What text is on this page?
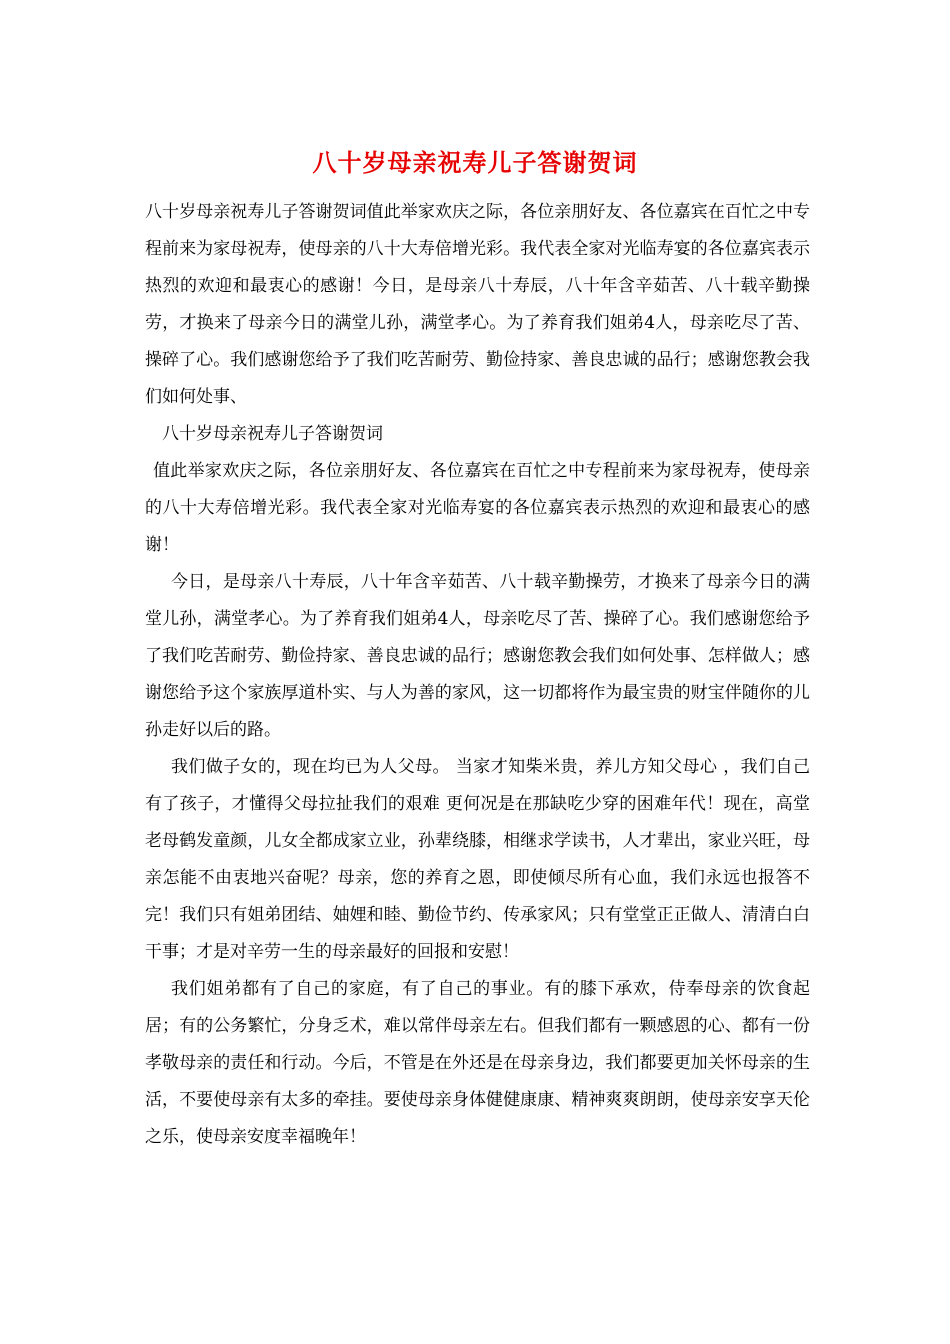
八十岁母亲祝寿儿子答谢贺词

八十岁母亲祝寿儿子答谢贺词值此举家欢庆之际，各位亲朋好友、各位嘉宾在百忙之中专程前来为家母祝寿，使母亲的八十大寿倍增光彩。我代表全家对光临寿宴的各位嘉宾表示热烈的欢迎和最衷心的感谢！今日，是母亲八十寿辰，八十年含辛茹苦、八十载辛勤操劳，才换来了母亲今日的满堂儿孙，满堂孝心。为了养育我们姐弟4人，母亲吃尽了苦、操碎了心。我们感谢您给予了我们吃苦耐劳、勤俭持家、善良忠诚的品行；感谢您教会我们如何处事、

八十岁母亲祝寿儿子答谢贺词

值此举家欢庆之际，各位亲朋好友、各位嘉宾在百忙之中专程前来为家母祝寿，使母亲的八十大寿倍增光彩。我代表全家对光临寿宴的各位嘉宾表示热烈的欢迎和最衷心的感谢！

今日，是母亲八十寿辰，八十年含辛茹苦、八十载辛勤操劳，才换来了母亲今日的满堂儿孙，满堂孝心。为了养育我们姐弟4人，母亲吃尽了苦、操碎了心。我们感谢您给予了我们吃苦耐劳、勤俭持家、善良忠诚的品行；感谢您教会我们如何处事、怎样做人；感谢您给予这个家族厚道朴实、与人为善的家风，这一切都将作为最宝贵的财宝伴随你的儿孙走好以后的路。

我们做子女的，现在均已为人父母。 当家才知柴米贵，养儿方知父母心 ，我们自己有了孩子，才懂得父母拉扯我们的艰难 更何况是在那缺吃少穿的困难年代！现在，高堂老母鹤发童颜，儿女全都成家立业，孙辈绕膝，相继求学读书，人才辈出，家业兴旺，母亲怎能不由衷地兴奋呢？母亲，您的养育之恩，即使倾尽所有心血，我们永远也报答不完！我们只有姐弟团结、妯娌和睦、勤俭节约、传承家风；只有堂堂正正做人、清清白白干事；才是对辛劳一生的母亲最好的回报和安慰！

我们姐弟都有了自己的家庭，有了自己的事业。有的膝下承欢，侍奉母亲的饮食起居；有的公务繁忙，分身乏术，难以常伴母亲左右。但我们都有一颗感恩的心、都有一份孝敬母亲的责任和行动。今后，不管是在外还是在母亲身边，我们都要更加关怀母亲的生活，不要使母亲有太多的牵挂。要使母亲身体健健康康、精神爽爽朗朗，使母亲安享天伦之乐，使母亲安度幸福晚年！
